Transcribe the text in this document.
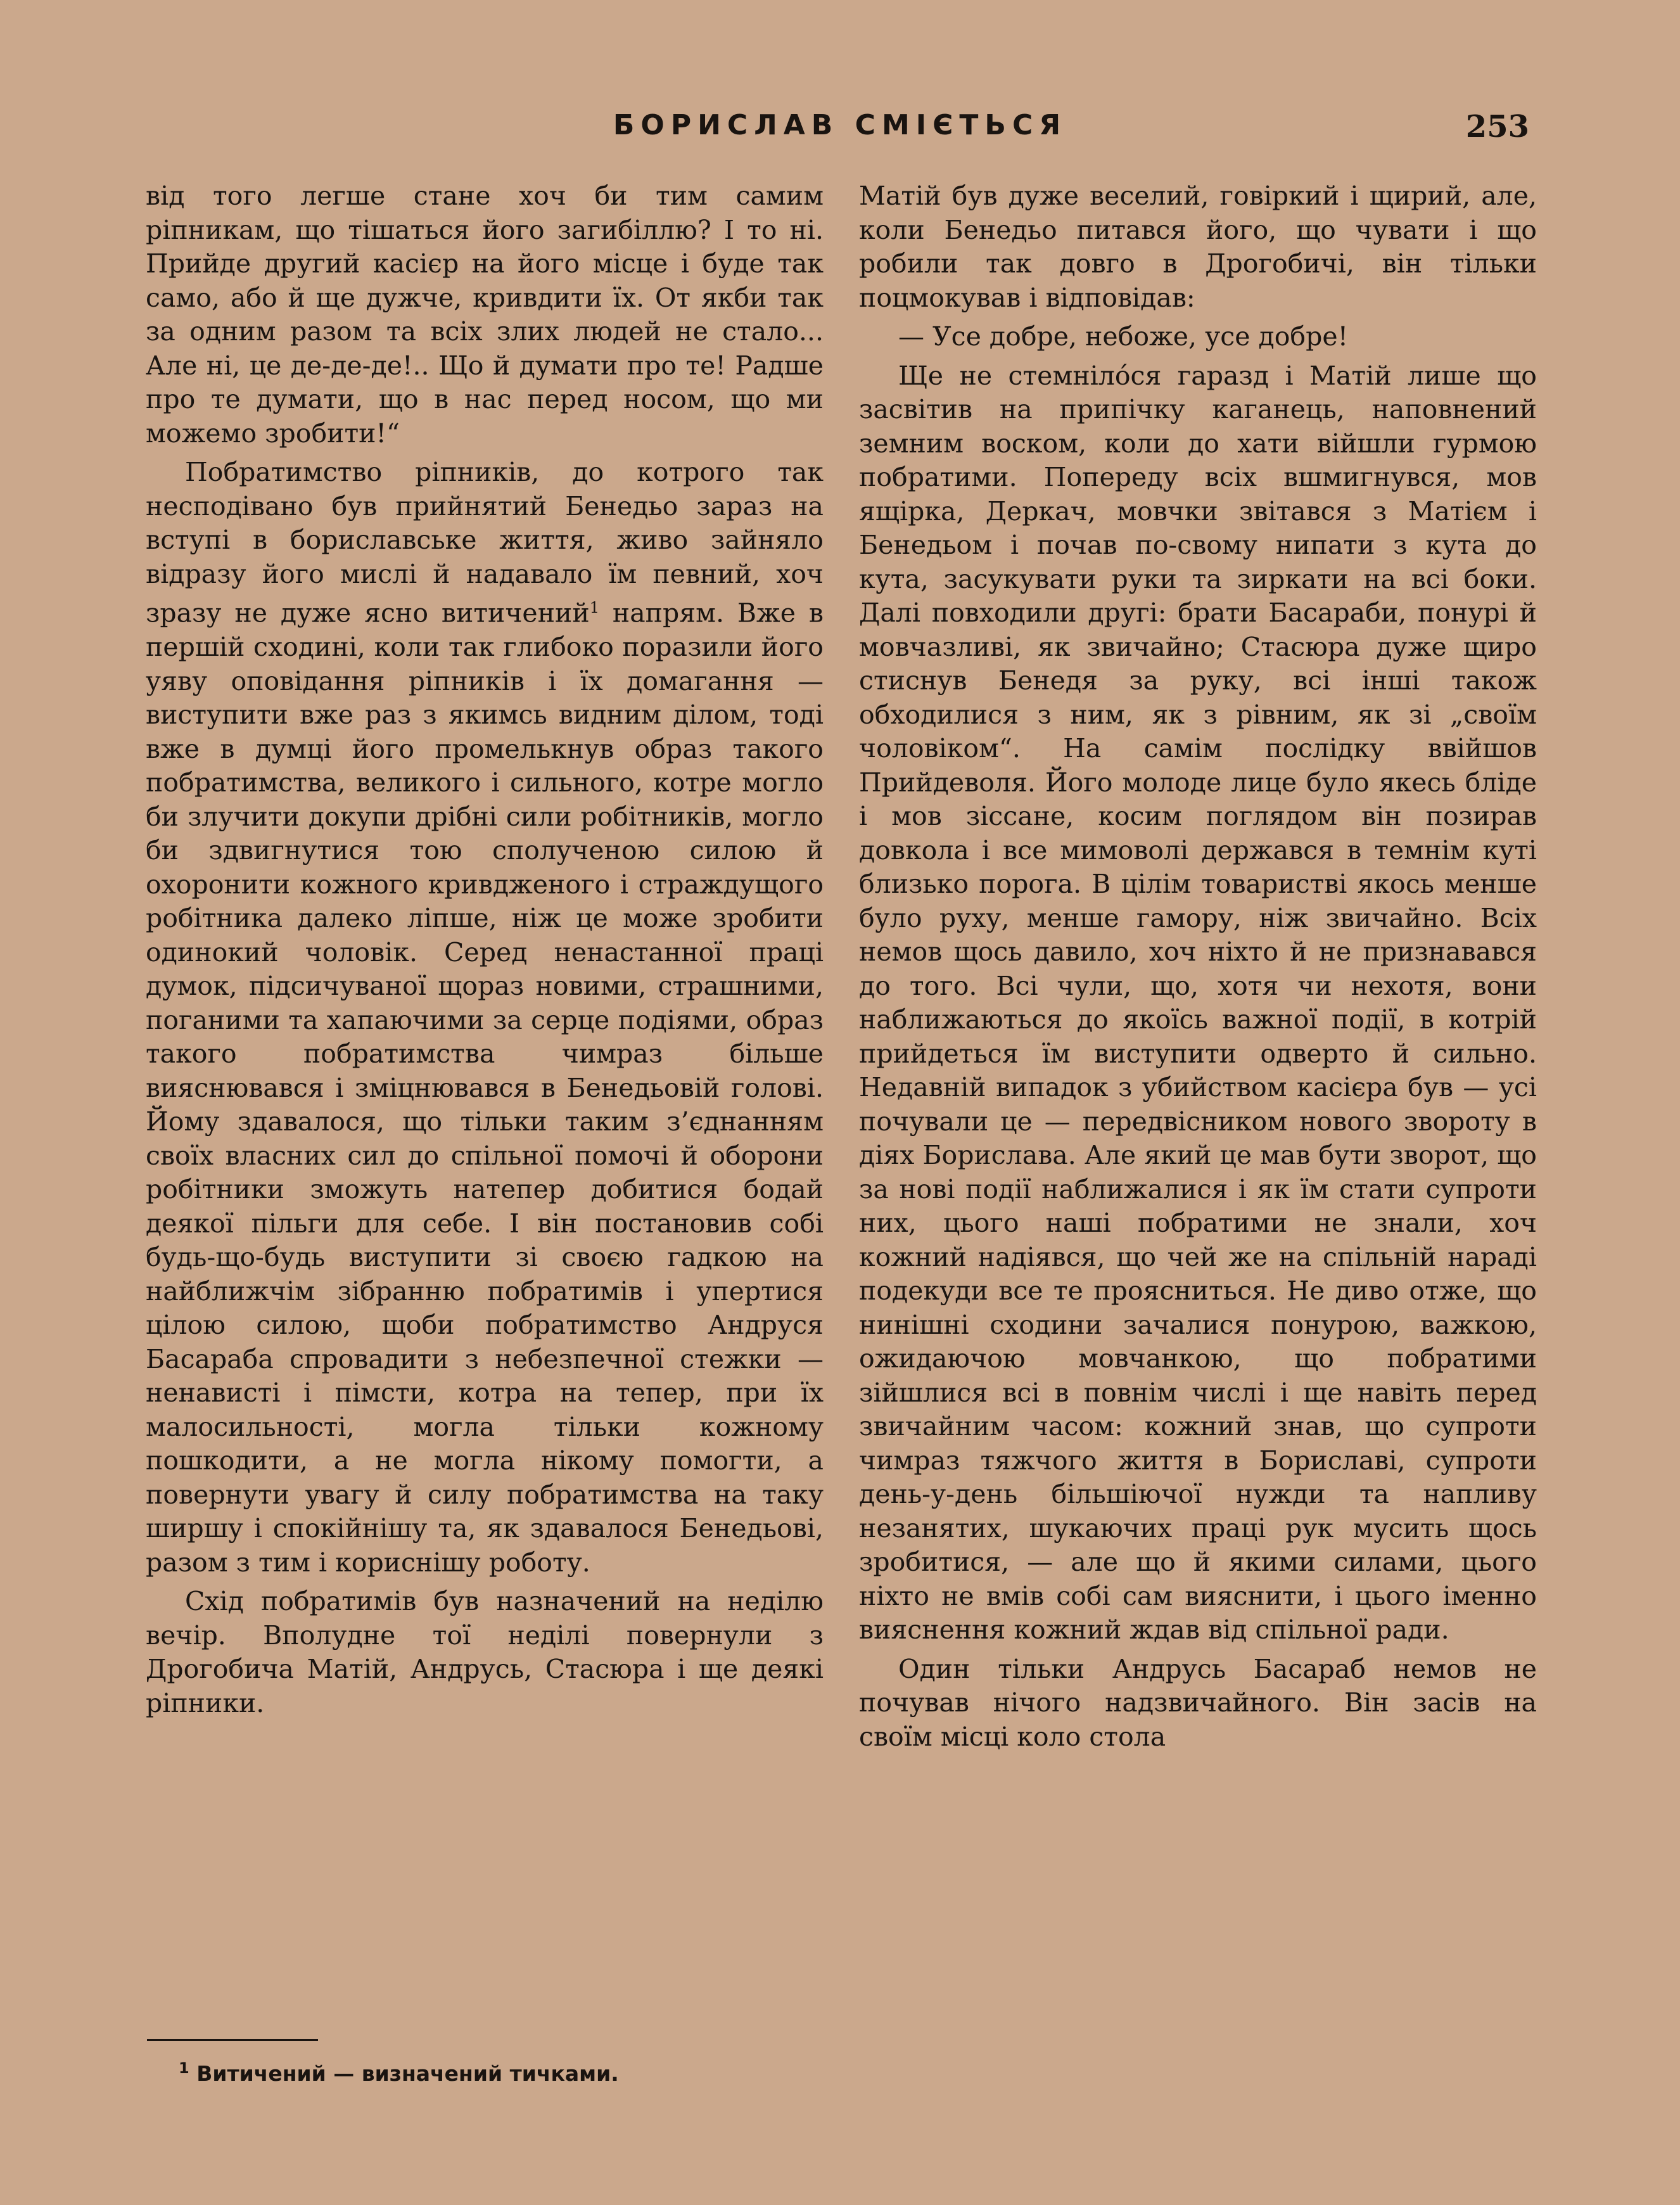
БОРИСЛАВ СМІЄТЬСЯ	253

від того легше стане хоч би тим самим ріпникам, що тішаться його загибіллю? І то ні. Прийде другий касієр на його місце і буде так само, або й ще дужче, кривдити їх. От якби так за одним разом та всіх злих людей не стало... Але ні, це де-де-де!.. Що й думати про те! Радше про те думати, що в нас перед носом, що ми можемо зробити!“

Побратимство ріпників, до котрого так несподівано був прийнятий Бенедьо зараз на вступі в бориславське життя, живо зайняло відразу його мислі й надавало їм певний, хоч зразу не дуже ясно витичений$^1$ напрям. Вже в першій сходині, коли так глибоко поразили його уяву оповідання ріпників і їх домагання — виступити вже раз з якимсь видним ділом, тоді вже в думці його промелькнув образ такого побратимства, великого і сильного, котре могло би злучити докупи дрібні сили робітників, могло би здвигнутися тою сполученою силою й охоронити кожного кривдженого і страждущого робітника далеко ліпше, ніж це може зробити одинокий чоловік. Серед ненастанної праці думок, підсичуваної щораз новими, страшними, поганими та хапаючими за серце подіями, образ такого побратимства чимраз більше вияснювався і зміцнювався в Бенедьовій голові. Йому здавалося, що тільки таким з’єднанням своїх власних сил до спільної помочі й оборони робітники зможуть натепер добитися бодай деякої пільги для себе. І він постановив собі будь-що-будь виступити зі своєю гадкою на найближчім зібранню побратимів і упертися цілою силою, щоби побратимство Андруся Басараба спровадити з небезпечної стежки — ненависті і пімсти, котра на тепер, при їх малосильності, могла тільки кожному пошкодити, а не могла нікому помогти, а повернути увагу й силу побратимства на таку ширшу і спокійнішу та, як здавалося Бенедьові, разом з тим і кориснішу роботу.

Схід побратимів був назначений на неділю вечір. Вполудне тої неділі повернули з Дрогобича Матій, Андрусь, Стасюра і ще деякі ріпники.

Матій був дуже веселий, говіркий і щирий, але, коли Бенедьо питався його, що чувати і що робили так довго в Дрогобичі, він тільки поцмокував і відповідав:

— Усе добре, небоже, усе добре!

Ще не стемніло́ся гаразд і Матій лише що засвітив на припічку каганець, наповнений земним воском, коли до хати війшли гурмою побратими. Попереду всіх вшмигнувся, мов ящірка, Деркач, мовчки звітався з Матієм і Бенедьом і почав по-свому нипати з кута до кута, засукувати руки та зиркати на всі боки. Далі повходили другі: брати Басараби, понурі й мовчазливі, як звичайно; Стасюра дуже щиро стиснув Бенедя за руку, всі інші також обходилися з ним, як з рівним, як зі „своїм чоловіком“. На самім послідку ввійшов Прийдеволя. Його молоде лице було якесь бліде і мов зіссане, косим поглядом він позирав довкола і все мимоволі держався в темнім куті близько порога. В цілім товаристві якось менше було руху, менше гамору, ніж звичайно. Всіх немов щось давило, хоч ніхто й не признавався до того. Всі чули, що, хотя чи нехотя, вони наближаються до якоїсь важної події, в котрій прийдеться їм виступити одверто й сильно. Недавній випадок з убийством касієра був — усі почували це — передвісником нового звороту в діях Борислава. Але який це мав бути зворот, що за нові події наближалися і як їм стати супроти них, цього наші побратими не знали, хоч кожний надіявся, що чей же на спільній нараді подекуди все те проясниться. Не диво отже, що нинішні сходини зачалися понурою, важкою, ожидаючою мовчанкою, що побратими зійшлися всі в повнім числі і ще навіть перед звичайним часом: кожний знав, що супроти чимраз тяжчого життя в Бориславі, супроти день-у-день більшіючої нужди та напливу незанятих, шукаючих праці рук мусить щось зробитися, — але що й якими силами, цього ніхто не вмів собі сам вияснити, і цього іменно вияснення кожний ждав від спільної ради.

Один тільки Андрусь Басараб немов не почував нічого надзвичайного. Він засів на своїм місці коло стола

$^1$ Витичений — визначений тичками.
